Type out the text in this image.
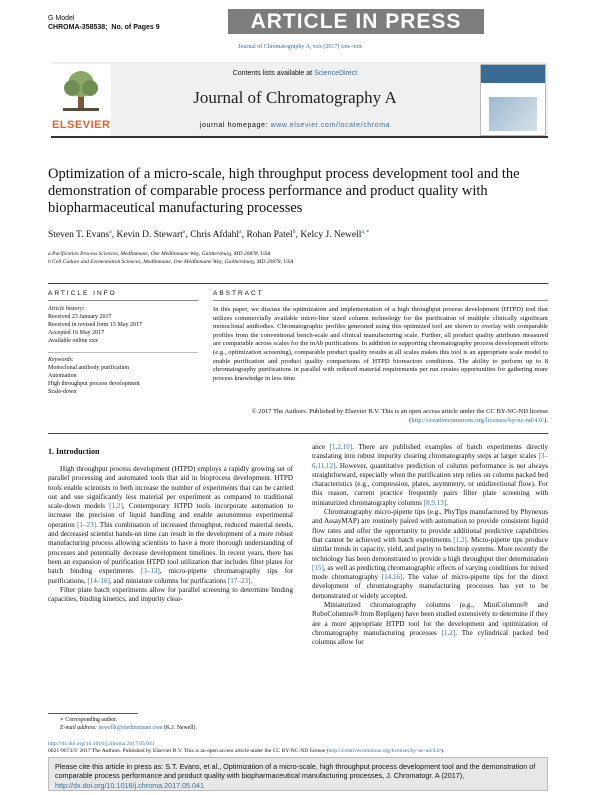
G Model
CHROMA-358538; No. of Pages 9	ARTICLE IN PRESS
Journal of Chromatography A, xxx (2017) xxx–xxx
ELSEVIER
Contents lists available at ScienceDirect
Journal of Chromatography A
journal homepage: www.elsevier.com/locate/chroma
Optimization of a micro-scale, high throughput process development tool and the demonstration of comparable process performance and product quality with biopharmaceutical manufacturing processes
Steven T. Evans$^a$, Kevin D. Stewart$^a$, Chris Afdahl$^a$, Rohan Patel$^b$, Kelcy J. Newell$^{a,∗}$
a Purification Process Sciences, MedImmune, One MedImmune Way, Gaithersburg, MD 20878, USA
b Cell Culture and Fermentation Sciences, MedImmune, One MedImmune Way, Gaithersburg, MD 20878, USA
ARTICLE INFO
Article history:
Received 23 January 2017
Received in revised form 15 May 2017
Accepted 16 May 2017
Available online xxx
Keywords:
Monoclonal antibody purification
Automation
High throughput process development
Scale-down
ABSTRACT
In this paper, we discuss the optimization and implementation of a high throughput process development (HTPD) tool that utilizes commercially available micro-liter sized column technology for the purification of multiple clinically significant monoclonal antibodies. Chromatographic profiles generated using this optimized tool are shown to overlay with comparable profiles from the conventional bench-scale and clinical manufacturing scale. Further, all product quality attributes measured are comparable across scales for the mAb purifications. In addition to supporting chromatography process development efforts (e.g., optimization screening), comparable product quality results at all scales makes this tool is an appropriate scale model to enable purification and product quality comparisons of HTPD bioreactors conditions. The ability to perform up to 8 chromatography purifications in parallel with reduced material requirements per run creates opportunities for gathering more process knowledge in less time.
© 2017 The Authors. Published by Elsevier B.V. This is an open access article under the CC BY-NC-ND license (http://creativecommons.org/licenses/by-nc-nd/4.0/).
1. Introduction

High throughput process development (HTPD) employs a rapidly growing set of parallel processing and automated tools that aid in bioprocess development. HTPD tools enable scientists to both increase the number of experiments that can be carried out and use significantly less material per experiment as compared to traditional scale-down models [1,2]. Contemporary HTPD tools incorporate automation to increase the precision of liquid handling and enable autonomous experimental operation [1–23]. This combination of increased throughput, reduced material needs, and decreased scientist hands-on time can result in the development of a more robust manufacturing process allowing scientists to have a more thorough understanding of processes and potentially decrease development timelines. In recent years, there has been an expansion of purification HTPD tool utilization that includes filter plates for batch binding experiments [3–13], micro-pipette chromatography tips for purifications, [14–16], and miniature columns for purifications [17–23].

Filter plate batch experiments allow for parallel screening to determine binding capacities, binding kinetics, and impurity clear-

ance [1,2,10]. There are published examples of batch experiments directly translating into robust impurity clearing chromatography steps at larger scales [3–6,11,12]. However, quantitative prediction of column performance is not always straightforward, especially when the purification step relies on column packed bed characteristics (e.g., compression, plates, asymmetry, or unidirectional flow). For this reason, current practice frequently pairs filter plate screening with miniaturized chromatography columns [8,9,13].

Chromatography micro-pipette tips (e.g., PhyTips manufactured by Phynexus and AssayMAP) are routinely paired with automation to provide consistent liquid flow rates and offer the opportunity to provide additional predictive capabilities that cannot be achieved with batch experiments [1,2]. Micro-pipette tips produce similar trends in capacity, yield, and purity to benchtop systems. More recently the technology has been demonstrated to provide a high throughput titer determination [15], as well as predicting chromatographic effects of varying conditions for mixed mode chromatography [14,16]. The value of micro-pipette tips for the direct development of chromatography manufacturing processes has yet to be demonstrated or widely accepted.

Miniaturized chromatography columns (e.g., MiniColumns® and RoboColumns® from Repligen) have been studied extensively to determine if they are a more appropriate HTPD tool for the development and optimization of chromatography manufacturing processes [1,2]. The cylindrical packed bed columns allow for

∗ Corresponding author.
E-mail address: newellk@medimmune.com (K.J. Newell).
http://dx.doi.org/10.1016/j.chroma.2017.05.041
0021-9673/© 2017 The Authors. Published by Elsevier B.V. This is an open access article under the CC BY-NC-ND license (http://creativecommons.org/licenses/by-nc-nd/4.0/).
Please cite this article in press as: S.T. Evans, et al., Optimization of a micro-scale, high throughput process development tool and the demonstration of comparable process performance and product quality with biopharmaceutical manufacturing processes, J. Chromatogr. A (2017), http://dx.doi.org/10.1016/j.chroma.2017.05.041
